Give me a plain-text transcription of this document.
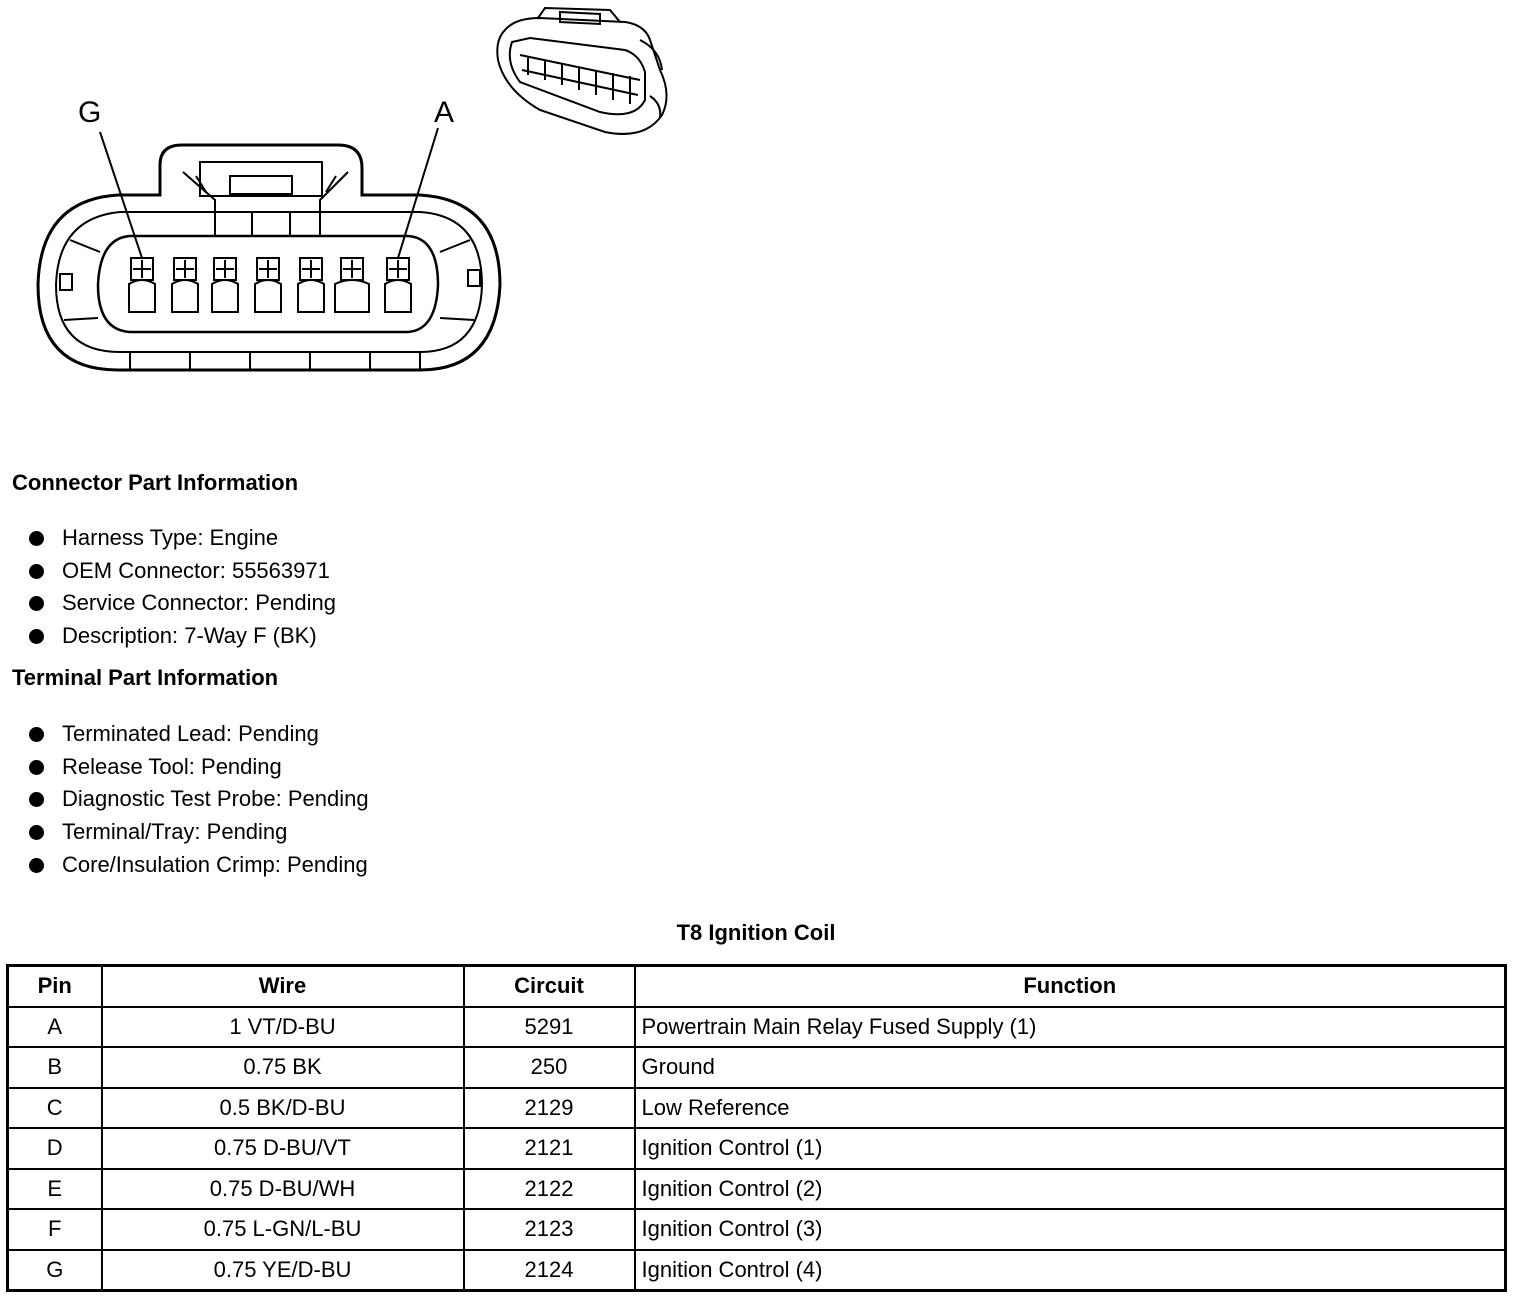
G	A
Connector Part Information
Harness Type: Engine
OEM Connector: 55563971
Service Connector: Pending
Description: 7-Way F (BK)
Terminal Part Information
Terminated Lead: Pending
Release Tool: Pending
Diagnostic Test Probe: Pending
Terminal/Tray: Pending
Core/Insulation Crimp: Pending
T8 Ignition Coil
Pin	Wire	Circuit	Function
A	1 VT/D-BU	5291	Powertrain Main Relay Fused Supply (1)
B	0.75 BK	250	Ground
C	0.5 BK/D-BU	2129	Low Reference
D	0.75 D-BU/VT	2121	Ignition Control (1)
E	0.75 D-BU/WH	2122	Ignition Control (2)
F	0.75 L-GN/L-BU	2123	Ignition Control (3)
G	0.75 YE/D-BU	2124	Ignition Control (4)
